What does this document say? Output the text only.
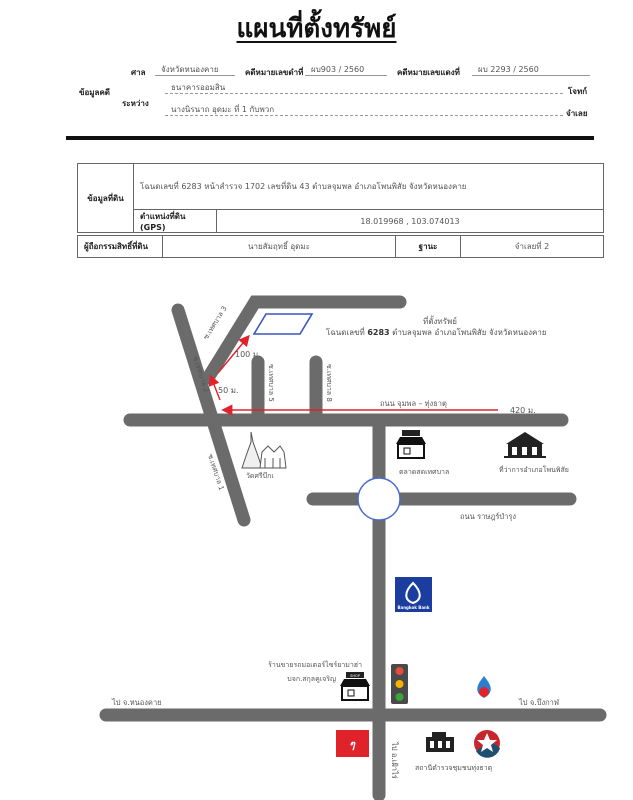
แผนที่ตั้งทรัพย์
ข้อมูลคดี
ศาล	จังหวัดหนองคาย	คดีหมายเลขดำที่ ผบ903 / 2560	คดีหมายเลขแดงที่	ผบ 2293 / 2560
ระหว่าง
ธนาคารออมสิน	โจทก์
นางนิรนาถ อุดมะ ที่ 1 กับพวก	จำเลย
ข้อมูลที่ดิน	โฉนดเลขที่ 6283 หน้าสำรวจ 1702 เลขที่ดิน 43 ตำบลจุมพล อำเภอโพนพิสัย จังหวัดหนองคาย	
	ตำแหน่งที่ดิน (GPS)	18.019968 , 103.074013
ผู้ถือกรรมสิทธิ์ที่ดิน	นายสัมฤทธิ์ อุดมะ	ฐานะ	จำเลยที่ 2
ที่ตั้งทรัพย์
โฉนดเลขที่ 6283 ตำบลจุมพล อำเภอโพนพิสัย จังหวัดหนองคาย
ซ.เทศบาล 3
ซ.เทศบาล 2
ซ.เทศบาล 1
ซ.เทศบาล 5	ซ.เทศบาล 8
ถนน จุมพล – ทุ่งธาตุ
420 ม.
100 ม.
50 ม.
ถนน ราษฎร์บำรุง
ไป จ.หนองคาย	ไป จ.บึงกาฬ
ไป อ.เฝ้าไร่
วัดศรีบึกเ	ตลาดสดเทศบาล	ที่ว่าการอำเภอโพนพิสัย
Bangkok Bank
ร้านขายรถมอเตอร์ไซร์ยามาฮ่า
บจก.สกุลคูเจริญ	SHOP
ๆ
สถานีตำรวจชุมชนทุ่งธาตุ
